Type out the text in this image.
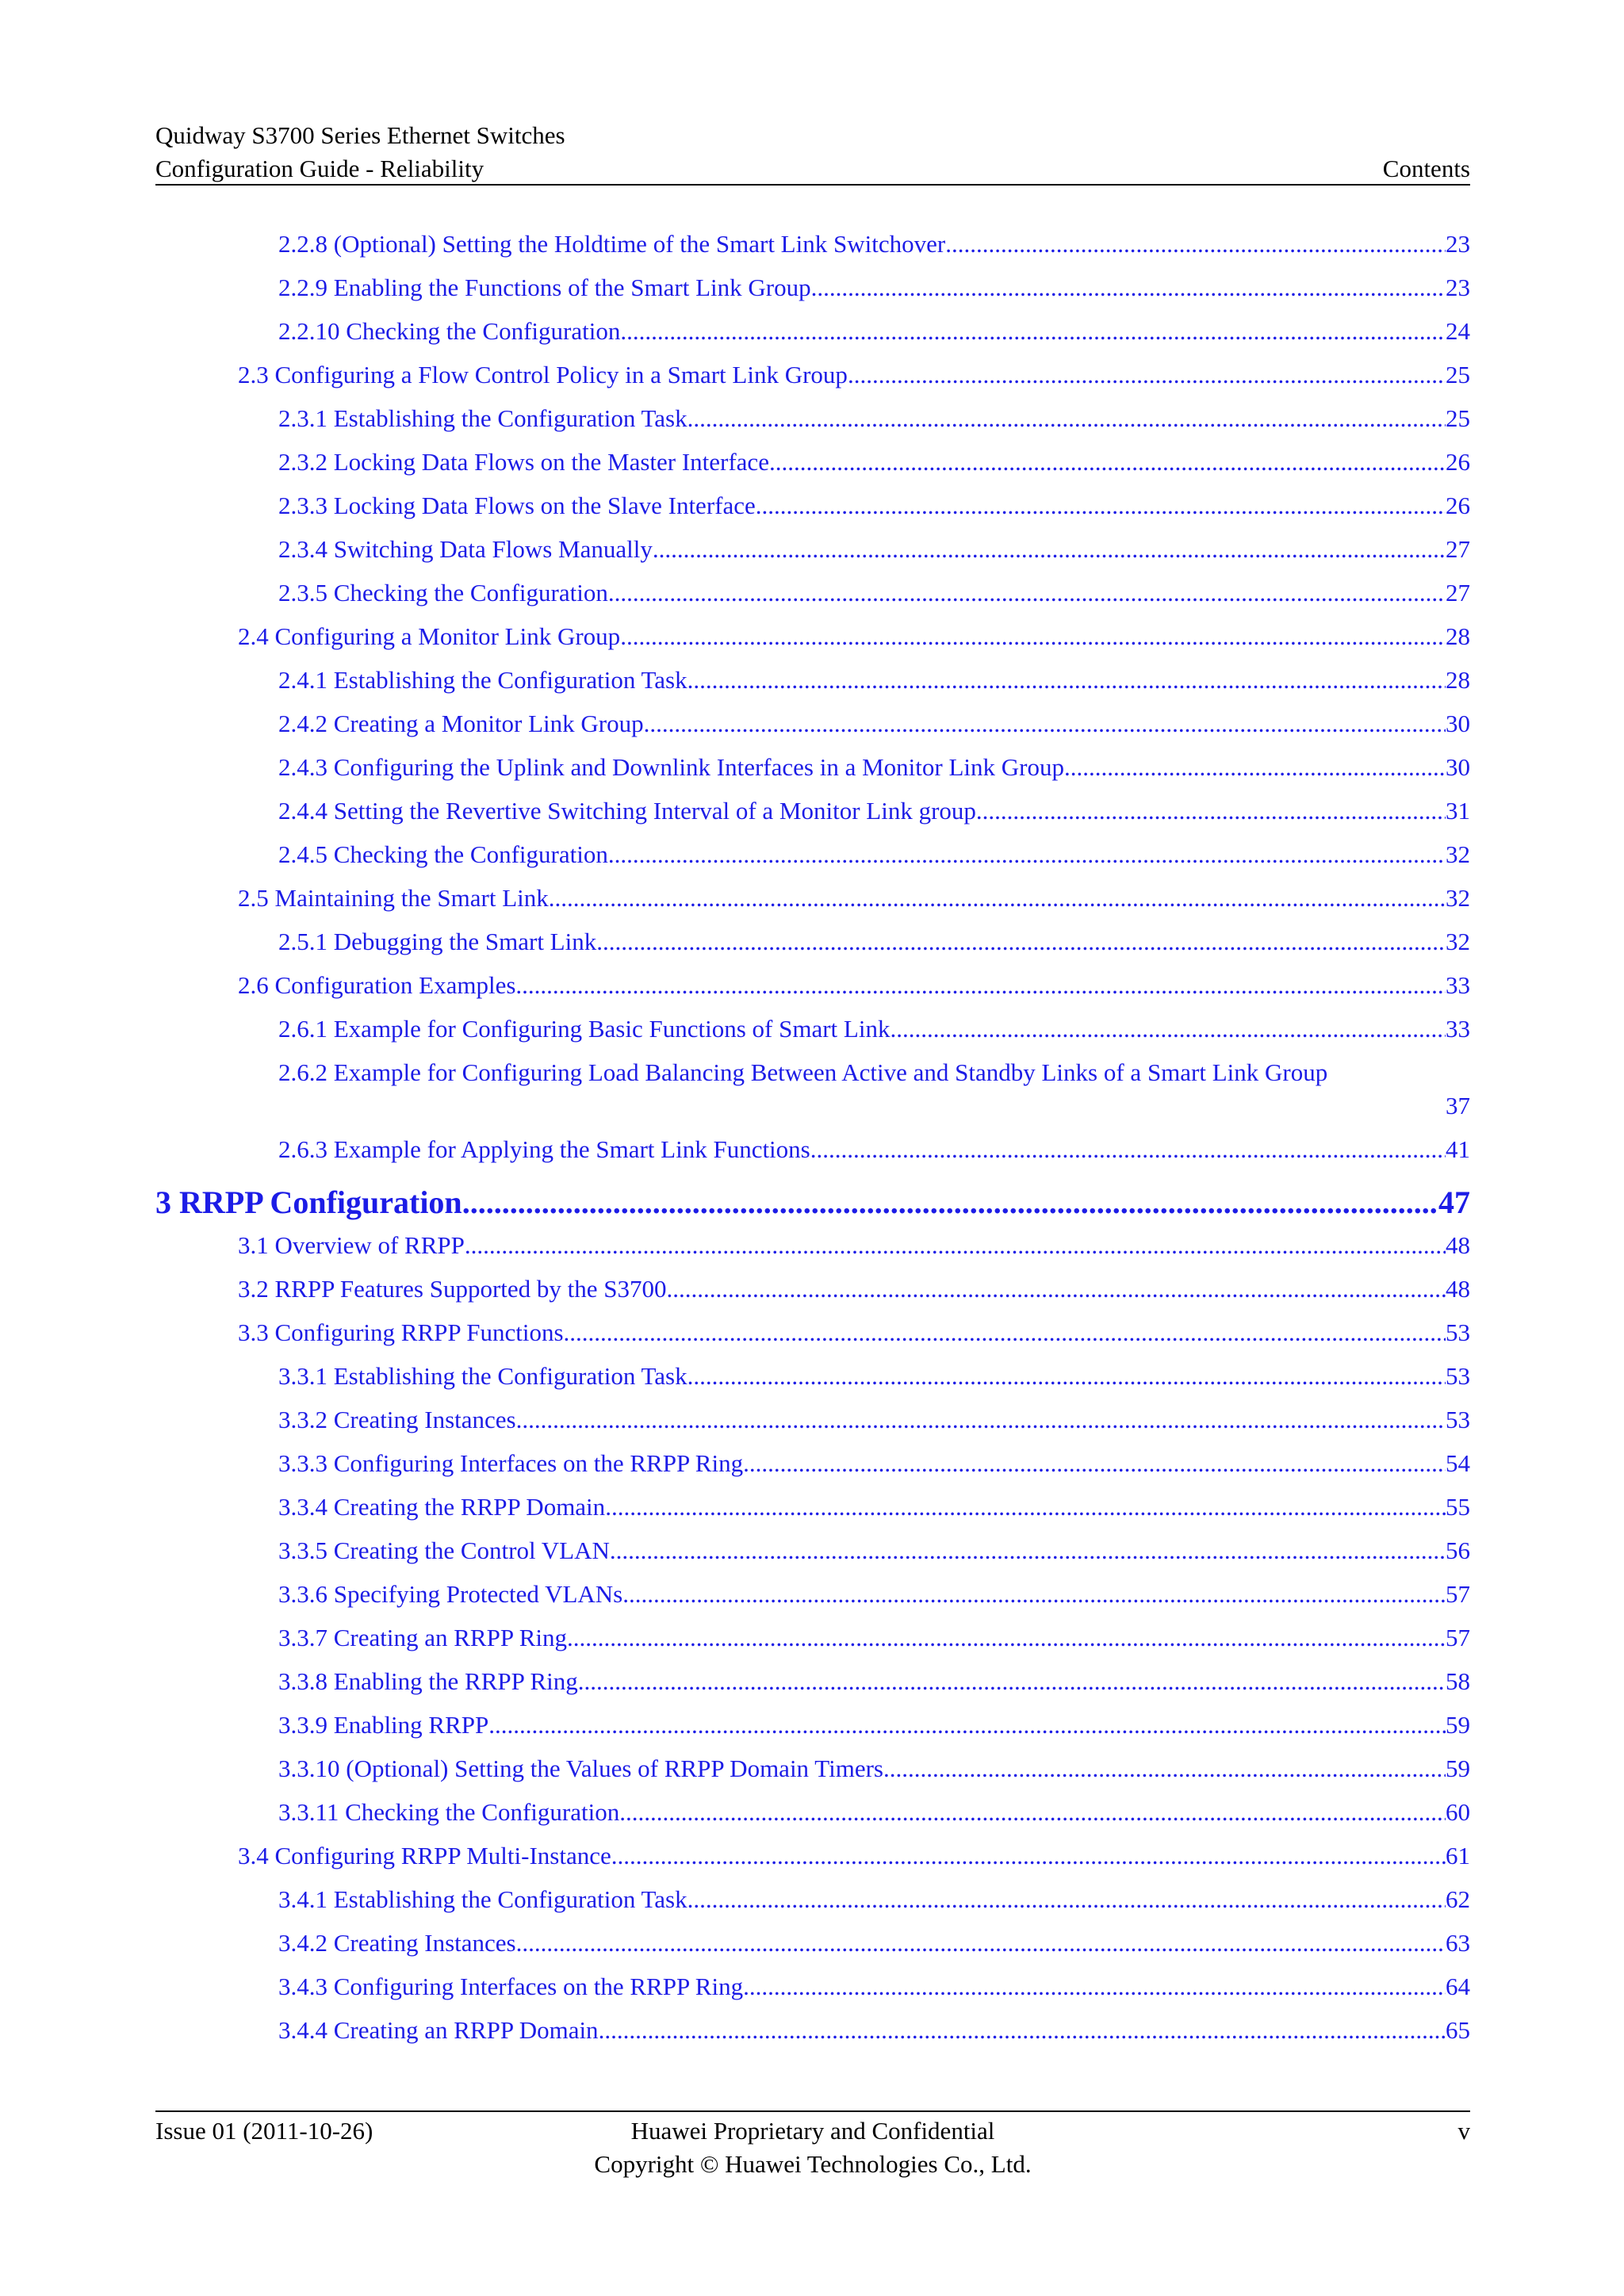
Quidway S3700 Series Ethernet Switches
Configuration Guide - Reliability	Contents
2.2.8 (Optional) Setting the Holdtime of the Smart Link Switchover .....	23
2.2.9 Enabling the Functions of the Smart Link Group .....	23
2.2.10 Checking the Configuration .....	24
2.3 Configuring a Flow Control Policy in a Smart Link Group .....	25
2.3.1 Establishing the Configuration Task .....	25
2.3.2 Locking Data Flows on the Master Interface .....	26
2.3.3 Locking Data Flows on the Slave Interface .....	26
2.3.4 Switching Data Flows Manually .....	27
2.3.5 Checking the Configuration .....	27
2.4 Configuring a Monitor Link Group .....	28
2.4.1 Establishing the Configuration Task .....	28
2.4.2 Creating a Monitor Link Group .....	30
2.4.3 Configuring the Uplink and Downlink Interfaces in a Monitor Link Group .....	30
2.4.4 Setting the Revertive Switching Interval of a Monitor Link group .....	31
2.4.5 Checking the Configuration .....	32
2.5 Maintaining the Smart Link .....	32
2.5.1 Debugging the Smart Link .....	32
2.6 Configuration Examples .....	33
2.6.1 Example for Configuring Basic Functions of Smart Link .....	33
2.6.2 Example for Configuring Load Balancing Between Active and Standby Links of a Smart Link Group
37
2.6.3 Example for Applying the Smart Link Functions .....	41
3 RRPP Configuration .....	47
3.1 Overview of RRPP .....	48
3.2 RRPP Features Supported by the S3700 .....	48
3.3 Configuring RRPP Functions .....	53
3.3.1 Establishing the Configuration Task .....	53
3.3.2 Creating Instances .....	53
3.3.3 Configuring Interfaces on the RRPP Ring .....	54
3.3.4 Creating the RRPP Domain .....	55
3.3.5 Creating the Control VLAN .....	56
3.3.6 Specifying Protected VLANs .....	57
3.3.7 Creating an RRPP Ring .....	57
3.3.8 Enabling the RRPP Ring .....	58
3.3.9 Enabling RRPP .....	59
3.3.10 (Optional) Setting the Values of RRPP Domain Timers .....	59
3.3.11 Checking the Configuration .....	60
3.4 Configuring RRPP Multi-Instance .....	61
3.4.1 Establishing the Configuration Task .....	62
3.4.2 Creating Instances .....	63
3.4.3 Configuring Interfaces on the RRPP Ring .....	64
3.4.4 Creating an RRPP Domain .....	65
Issue 01 (2011-10-26)	Huawei Proprietary and Confidential
Copyright © Huawei Technologies Co., Ltd.
v
